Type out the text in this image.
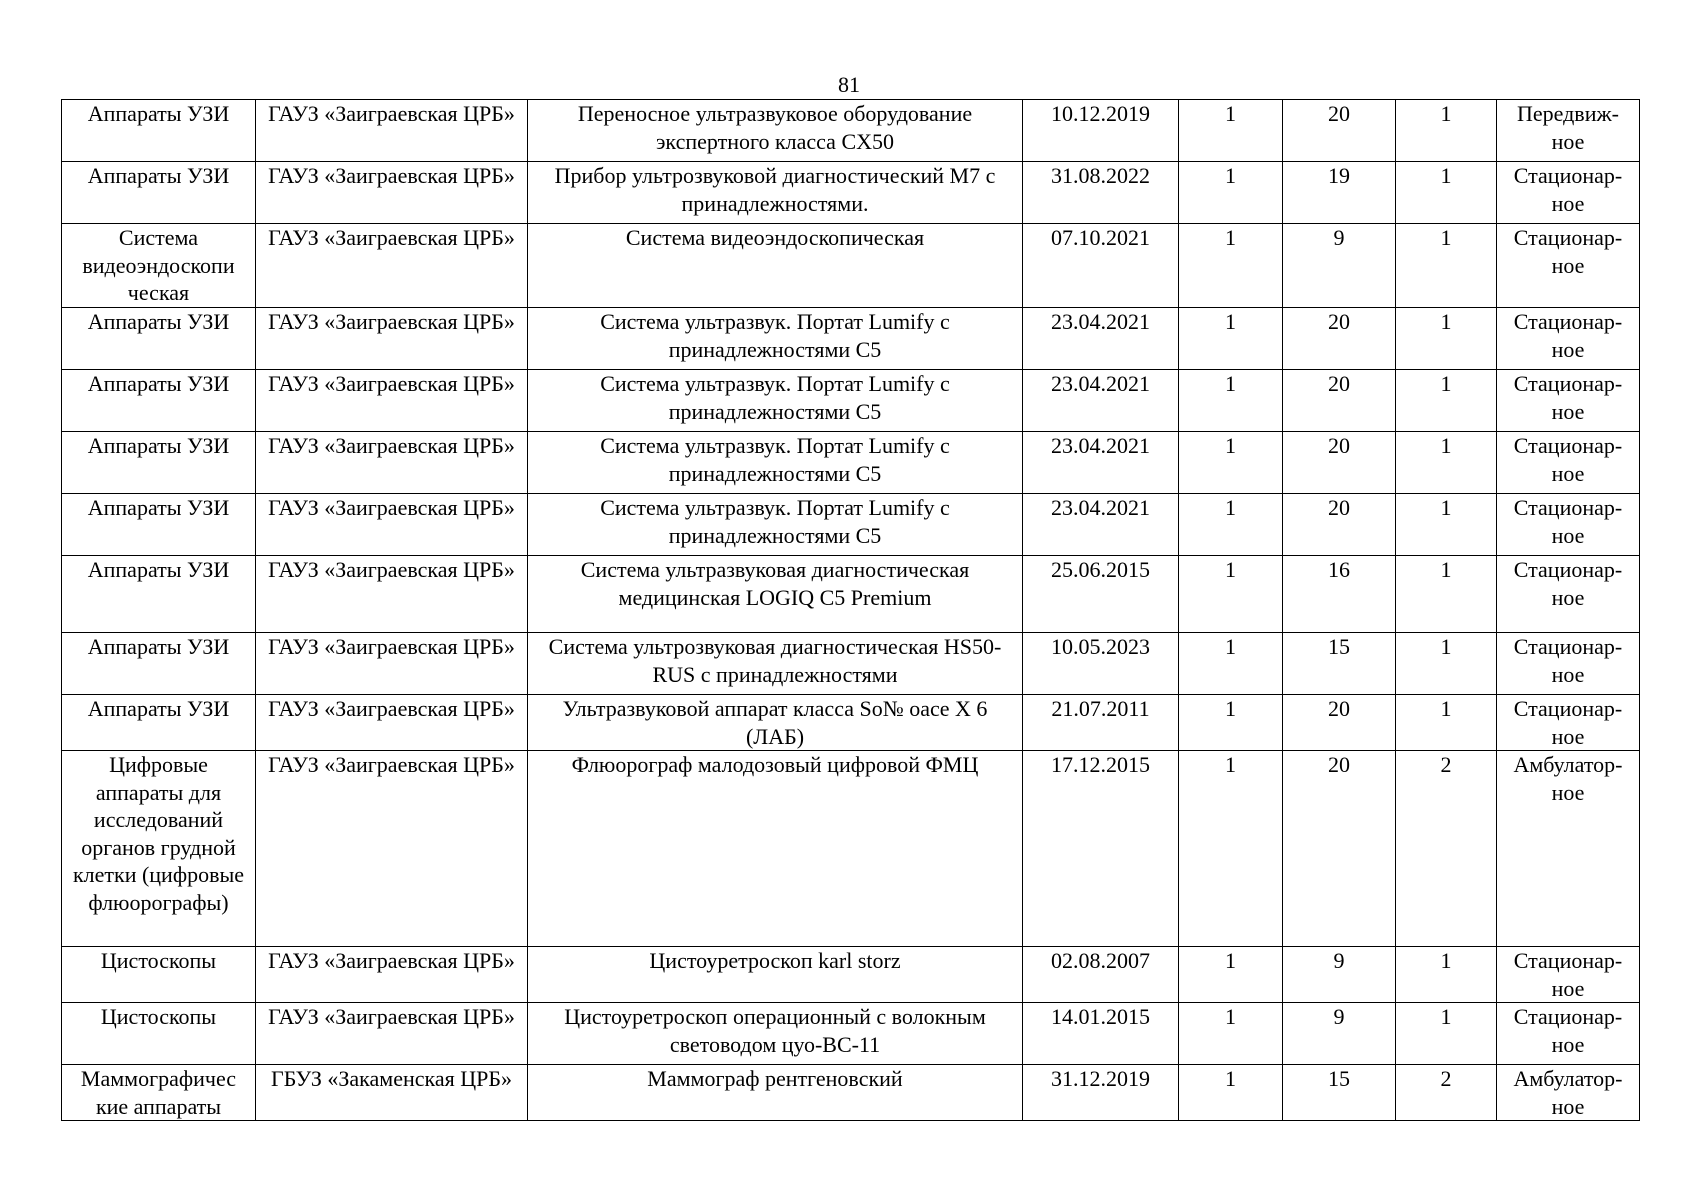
81
Аппараты УЗИ	ГАУЗ «Заиграевская ЦРБ»	Переносное ультразвуковое оборудование экспертного класса CX50	10.12.2019	1	20	1	Передвиж-ное
Аппараты УЗИ	ГАУЗ «Заиграевская ЦРБ»	Прибор ультрозвуковой диагностический M7 с принадлежностями.	31.08.2022	1	19	1	Стационар-ное
Система видеоэндоскопи ческая	ГАУЗ «Заиграевская ЦРБ»	Система видеоэндоскопическая	07.10.2021	1	9	1	Стационар-ное
Аппараты УЗИ	ГАУЗ «Заиграевская ЦРБ»	Система ультразвук. Портат Lumify с принадлежностями C5	23.04.2021	1	20	1	Стационар-ное
Аппараты УЗИ	ГАУЗ «Заиграевская ЦРБ»	Система ультразвук. Портат Lumify с принадлежностями C5	23.04.2021	1	20	1	Стационар-ное
Аппараты УЗИ	ГАУЗ «Заиграевская ЦРБ»	Система ультразвук. Портат Lumify с принадлежностями C5	23.04.2021	1	20	1	Стационар-ное
Аппараты УЗИ	ГАУЗ «Заиграевская ЦРБ»	Система ультразвук. Портат Lumify с принадлежностями C5	23.04.2021	1	20	1	Стационар-ное
Аппараты УЗИ	ГАУЗ «Заиграевская ЦРБ»	Система ультразвуковая диагностическая медицинская LOGIQ C5 Premium	25.06.2015	1	16	1	Стационар-ное
Аппараты УЗИ	ГАУЗ «Заиграевская ЦРБ»	Система ультрозвуковая диагностическая HS50-RUS с принадлежностями	10.05.2023	1	15	1	Стационар-ное
Аппараты УЗИ	ГАУЗ «Заиграевская ЦРБ»	Ультразвуковой аппарат класса So№ oace X 6 (ЛАБ)	21.07.2011	1	20	1	Стационар-ное
Цифровые аппараты для исследований органов грудной клетки (цифровые флюорографы)	ГАУЗ «Заиграевская ЦРБ»	Флюорограф малодозовый цифровой ФМЦ	17.12.2015	1	20	2	Амбулатор-ное
Цистоскопы	ГАУЗ «Заиграевская ЦРБ»	Цистоуретроскоп karl storz	02.08.2007	1	9	1	Стационар-ное
Цистоскопы	ГАУЗ «Заиграевская ЦРБ»	Цистоуретроскоп операционный с волокным световодом цуо-ВС-11	14.01.2015	1	9	1	Стационар-ное
Маммографичес кие аппараты	ГБУЗ «Закаменская ЦРБ»	Маммограф рентгеновский	31.12.2019	1	15	2	Амбулатор-ное
